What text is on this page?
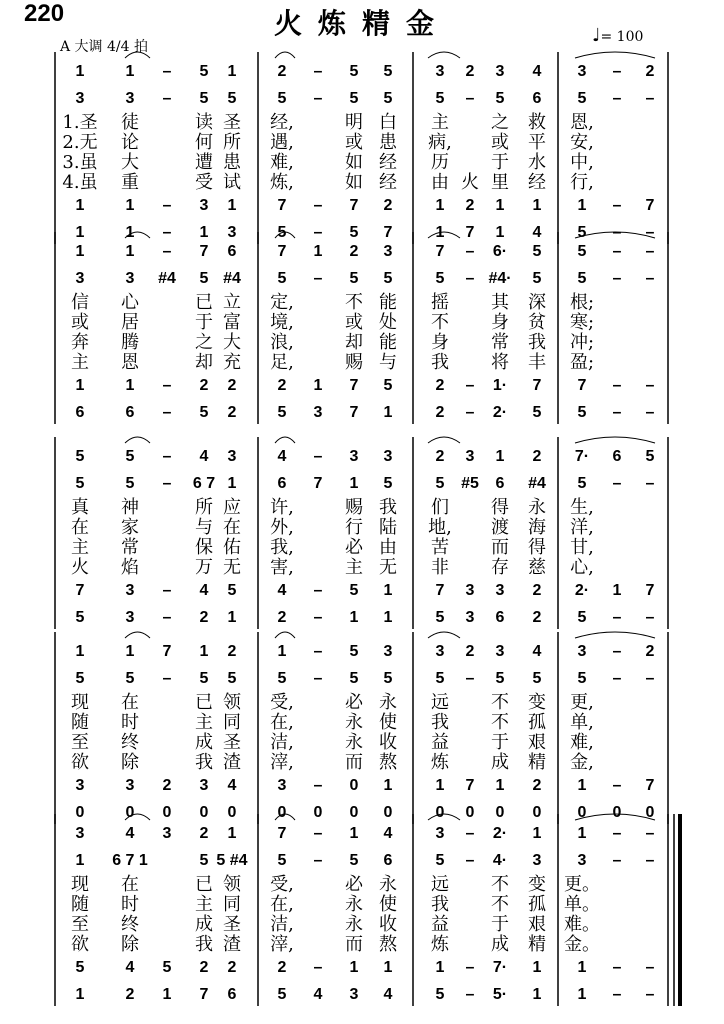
220	火炼精金
A 大调 4/4 拍
♩= 100
1	1 – 5 1	2 – 5 5	3 2 3 4 3 – 2
3	3 – 5 5	5 – 5 5	5 – 5 6 5 – –
1.圣 徒	读 圣 经,	明 白 主 之 救 恩,
2.无 论	何 所 遇,	或 患 病, 或 平 安,
3.虽 大	遭 患 难,	如 经 历 于 水 中,
4.虽 重	受 试 炼,	如 经 由 火 里 经 行,
1	1 – 3 1	7 – 7 2	1 2 1 1 1 – 7
1	1 – 1 3	5 – 5 7	1 7 1 4 5 – –
1	1 – 7 6	7 1 2 3	7 – 6· 5 5 – –
3	3 #4 5 #4 5 – 5 5	5 – #4· 5 5 – –
信 心	已 立 定,	不 能 摇 其 深 根;
或 居	于 富 境,	或 处 不 身 贫 寒;
奔 腾	之 大 浪,	却 能 身 常 我 冲;
主 恩	却 充 足,	赐 与 我 将 丰 盈;
1	1 – 2 2	2 1 7 5	2 – 1· 7 7 – –
6	6 – 5 2	5 3 7 1	2 – 2· 5 5 – –
5	5 – 4 3	4 – 3 3	2 3 1 2 7· 6 5
5	5 – 6 7 1	6 7 1 5	5 #5 6 #4 5 – –
真 神	所 应 许,	赐 我 们 得 永 生,
在 家	与 在 外,	行 陆 地, 渡 海 洋,
主 常	保 佑 我,	必 由 苦 而 得 甘,
火 焰	万 无 害,	主 无 非 存 慈 心,
7	3 – 4 5	4 – 5 1	7 3 3 2 2· 1 7
5	3 – 2 1	2 – 1 1	5 3 6 2 5 – –
1	1 7 1 2	1 – 5 3	3 2 3 4 3 – 2
5	5 – 5 5	5 – 5 5	5 – 5 5 5 – –
现 在	已 领 受,	必 永 远 不 变 更,
随 时	主 同 在,	永 使 我 不 孤 单,
至 终	成 圣 洁,	永 收 益 于 艰 难,
欲 除	我 渣 滓,	而 熬 炼 成 精 金,
3	3 2 3 4	3 – 0 1	1 7 1 2 1 – 7
0	0 0 0 0	0 0 0 0	0 0 0 0 0 0 0
3	4 3 2 1	7 – 1 4	3 – 2· 1 1 – –
1 6 7 1	5 5 #4 5 – 5 6	5 – 4· 3 3 – –
现 在	已 领 受,	必 永 远 不 变 更。
随 时	主 同 在,	永 使 我 不 孤 单。
至 终	成 圣 洁,	永 收 益 于 艰 难。
欲 除	我 渣 滓,	而 熬 炼 成 精 金。
5	4 5 2 2	2 – 1 1	1 – 7· 1 1 – –
1	2 1 7 6	5 4 3 4	5 – 5· 1 1 – –
